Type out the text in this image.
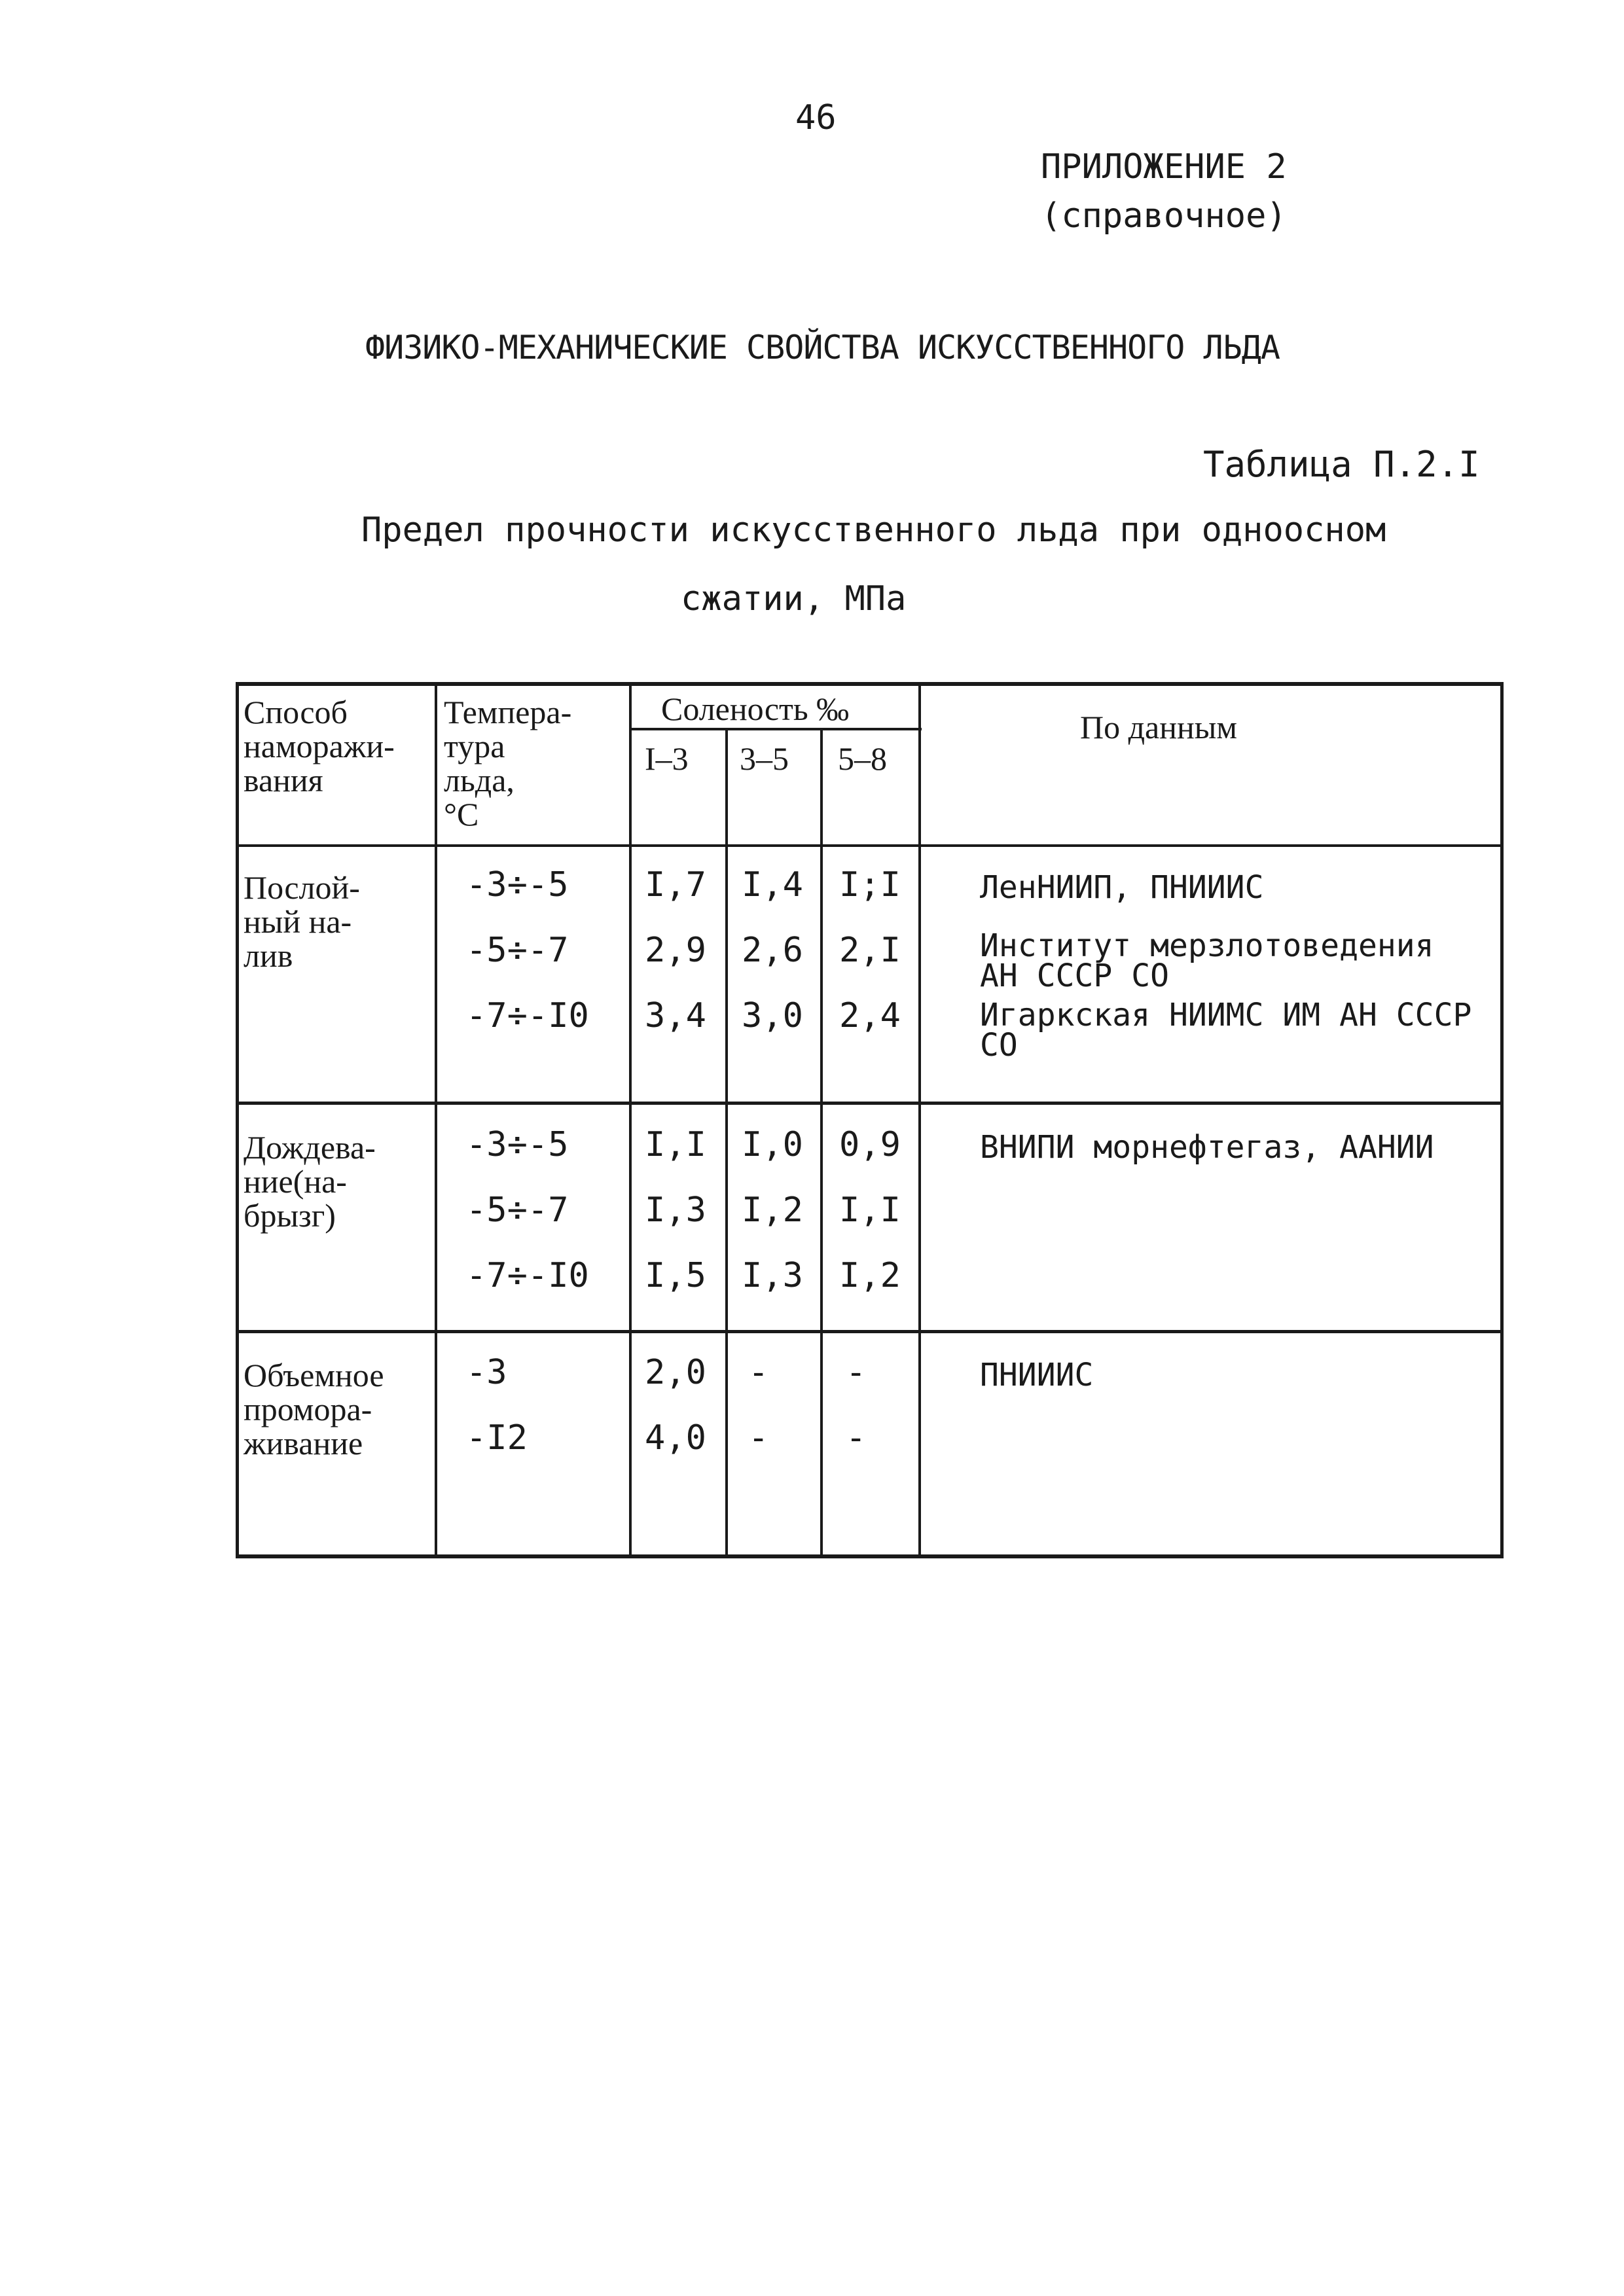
46
ПРИЛОЖЕНИЕ 2
(справочное)
ФИЗИКО-МЕХАНИЧЕСКИЕ СВОЙСТВА ИСКУССТВЕННОГО ЛЬДА
Таблица П.2.I
Предел прочности искусственного льда при одноосном
сжатии, МПа
Способ
наморажи-
вания
Темпера-
тура
льда,
°С
Соленость ‰
I–3 3–5 5–8
По данным
Послой-
ный на-
лив
-3÷-5
-5÷-7
-7÷-I0
I,7 I,4 I;I
2,9 2,6 2,I
3,4 3,0 2,4
ЛенНИИП, ПНИИИС
Институт мерзлотоведения
АН СССР СО
Игаркская НИИМС ИМ АН СССР
СО
Дождева-
ние(на-
брызг)
-3÷-5
-5÷-7
-7÷-I0
I,I I,0 0,9
I,3 I,2 I,I
I,5 I,3 I,2
ВНИПИ морнефтегаз, ААНИИ
Объемное
промора-
живание
-3
-I2
2,0 - -
4,0 - -
ПНИИИС
